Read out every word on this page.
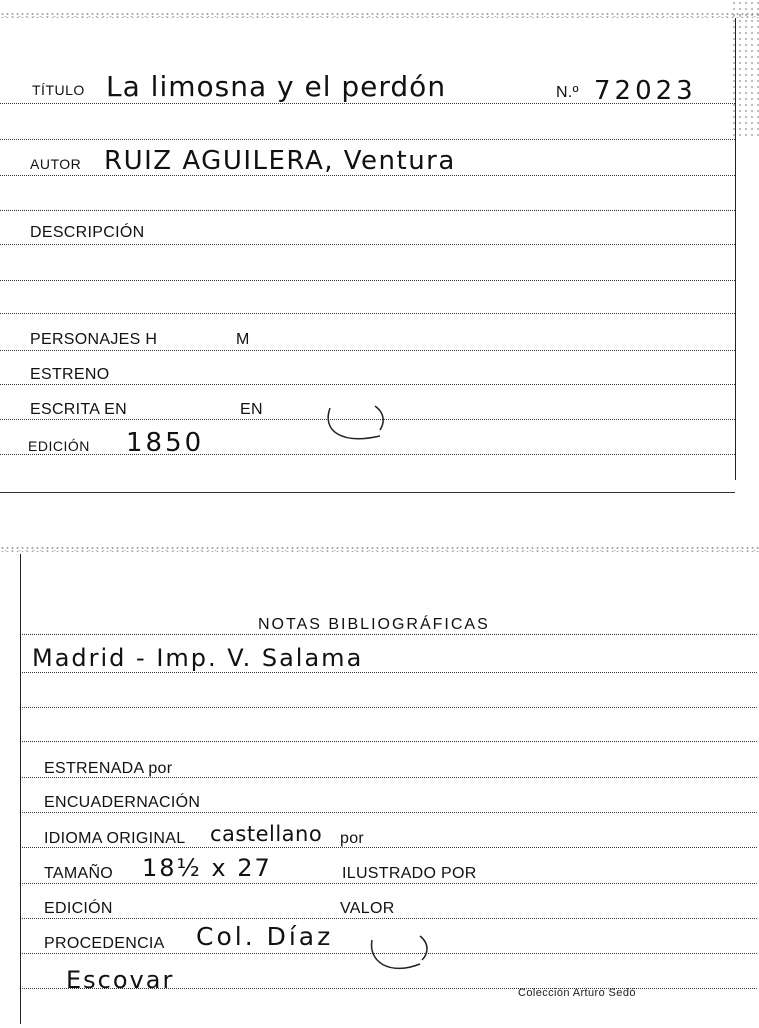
TÍTULO La limosna y el perdón	N.º 72023
AUTOR RUIZ AGUILERA, Ventura
DESCRIPCIÓN
PERSONAJES H	M
ESTRENO
ESCRITA EN	EN
EDICIÓN 1850
NOTAS BIBLIOGRÁFICAS
Madrid - Imp. V. Salama
ESTRENADA por
ENCUADERNACIÓN
IDIOMA ORIGINAL castellano por
TAMAÑO 18½ x 27	ILUSTRADO POR
EDICIÓN	VALOR
PROCEDENCIA Col. Díaz
Escovar	Colección Arturo Sedó
